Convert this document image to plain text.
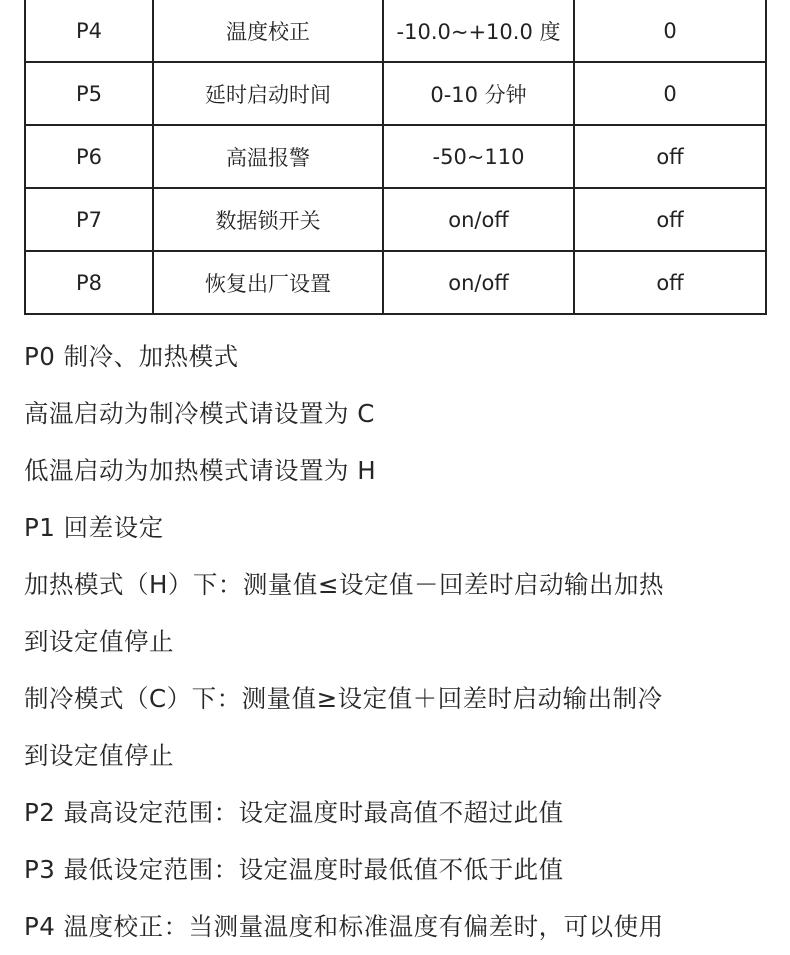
P4	温度校正	-10.0~+10.0 度	0
P5	延时启动时间	0-10 分钟	0
P6	高温报警	-50~110	off
P7	数据锁开关	on/off	off
P8	恢复出厂设置	on/off	off
P0 制冷、加热模式
高温启动为制冷模式请设置为 C
低温启动为加热模式请设置为 H
P1 回差设定
加热模式（H）下：测量值≤设定值－回差时启动输出加热
到设定值停止
制冷模式（C）下：测量值≥设定值＋回差时启动输出制冷
到设定值停止
P2 最高设定范围：设定温度时最高值不超过此值
P3 最低设定范围：设定温度时最低值不低于此值
P4 温度校正：当测量温度和标准温度有偏差时，可以使用
